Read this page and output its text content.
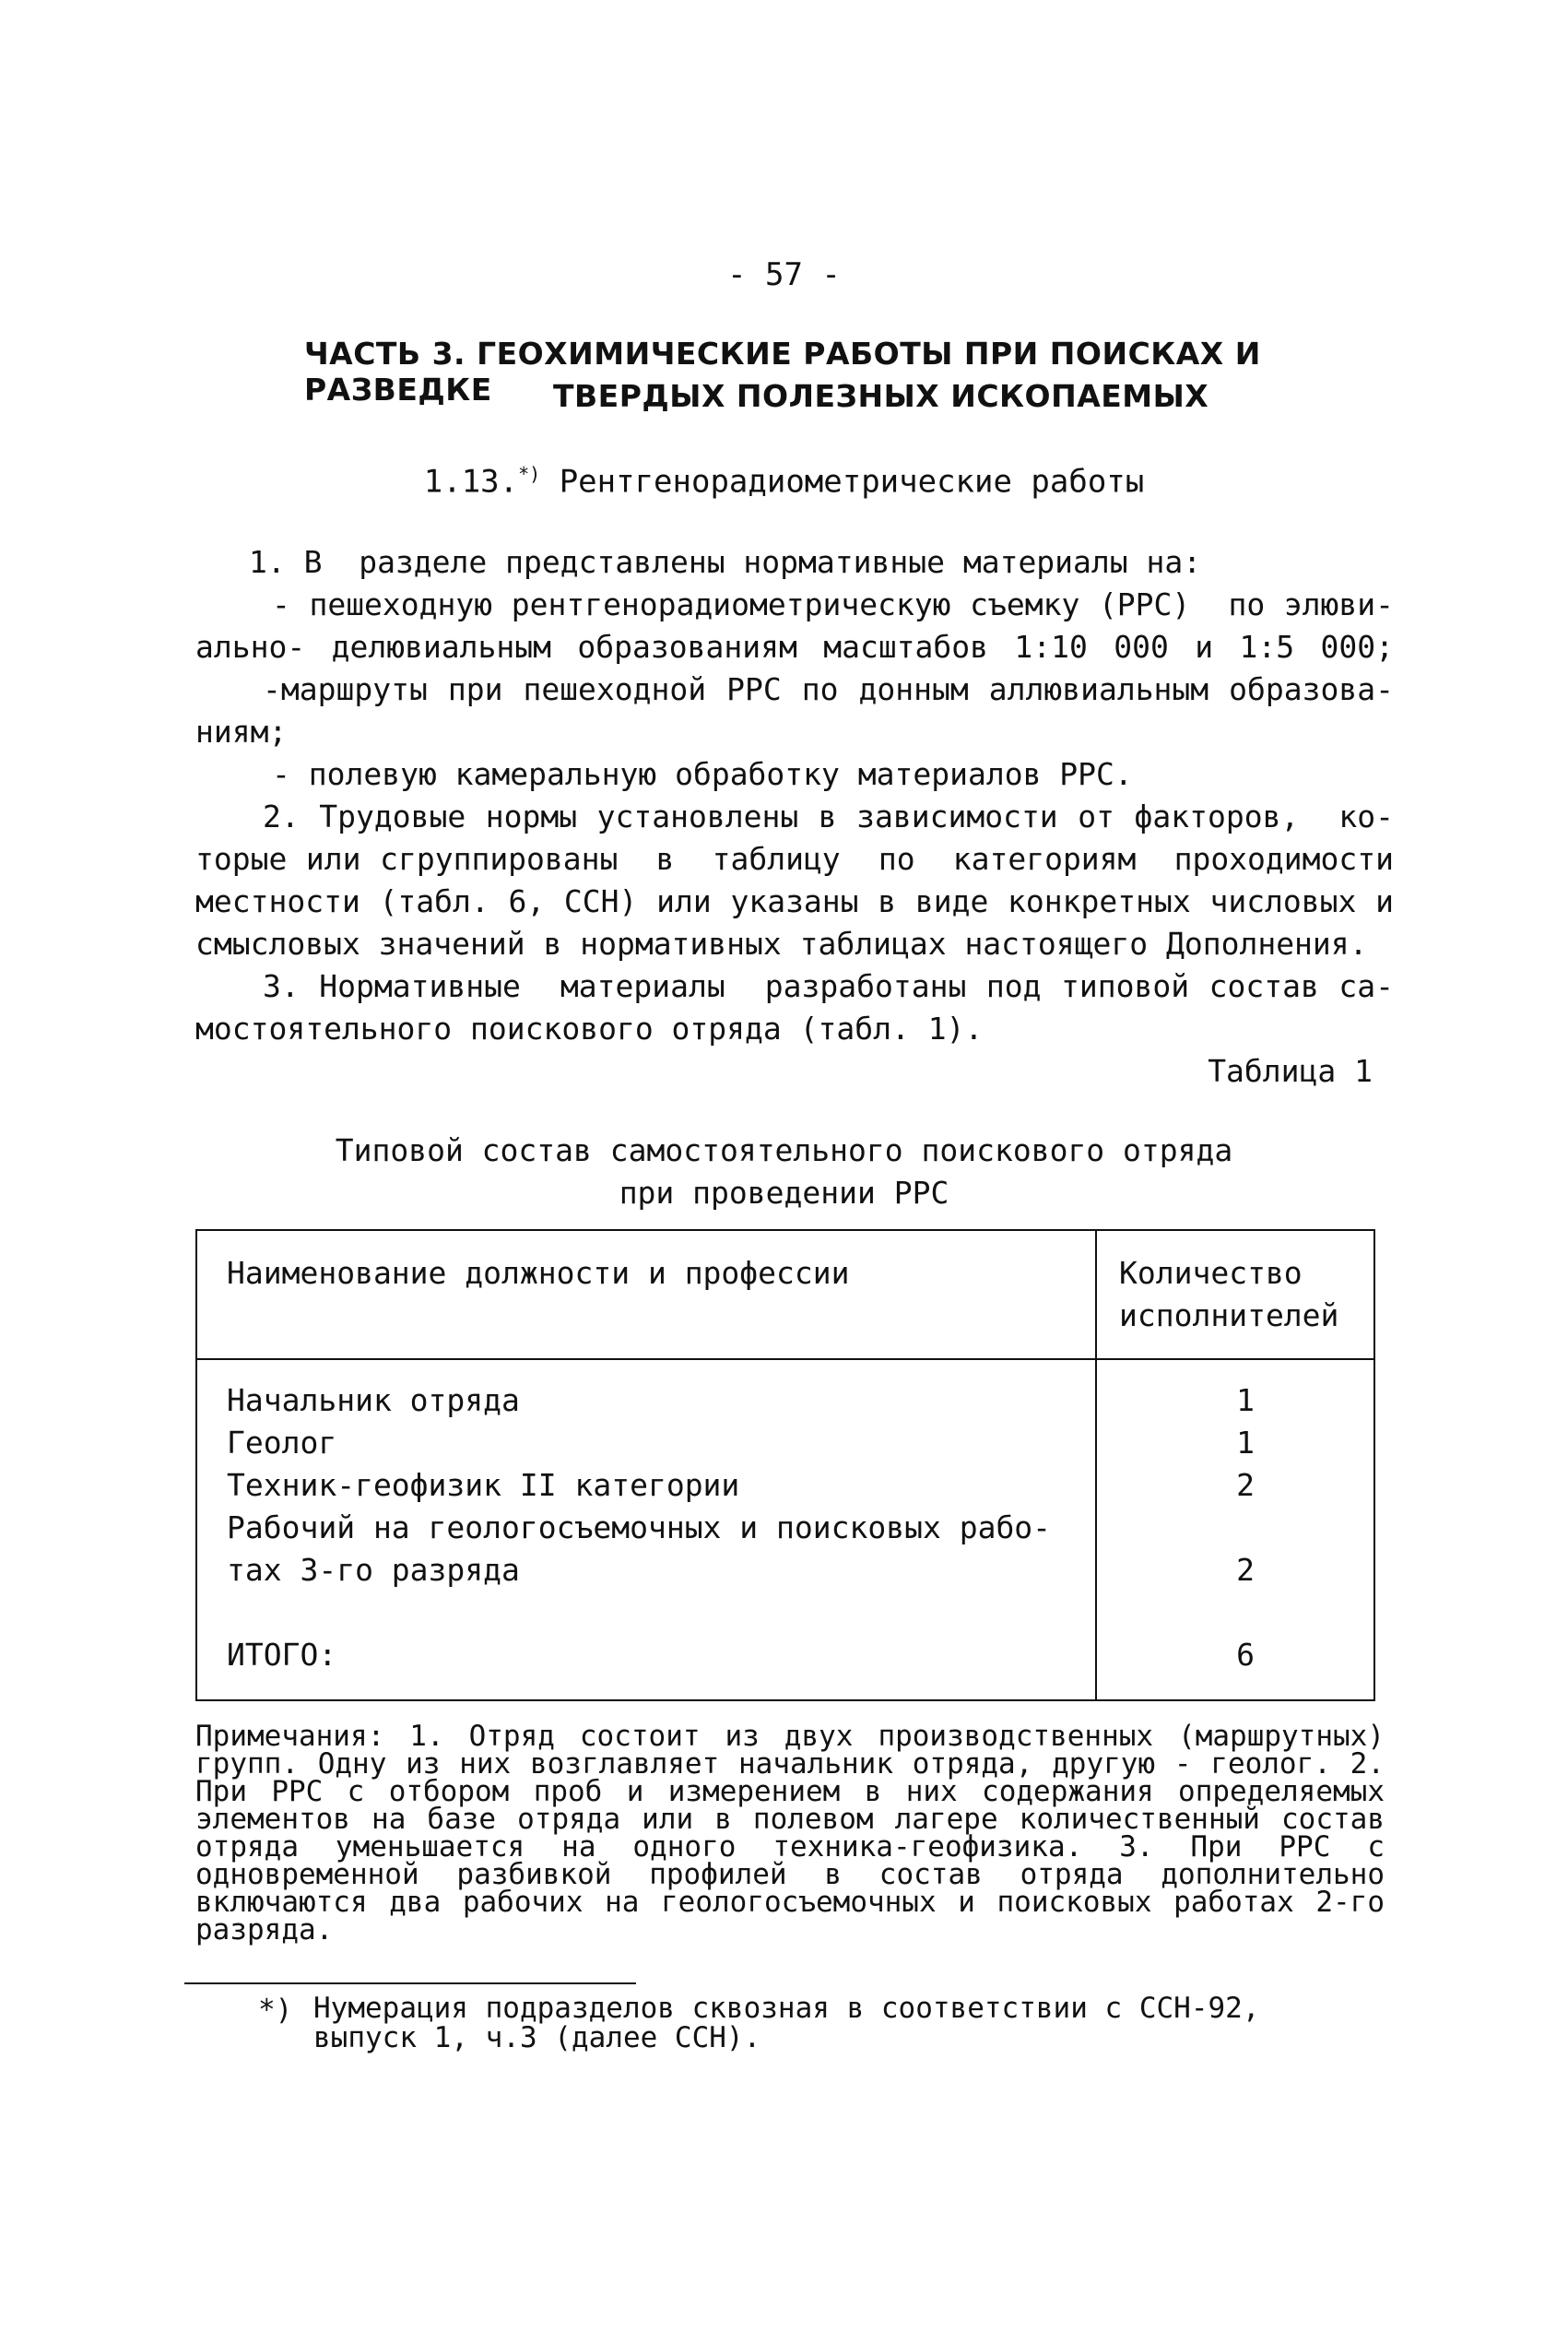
- 57 -
ЧАСТЬ 3. ГЕОХИМИЧЕСКИЕ РАБОТЫ ПРИ ПОИСКАХ И РАЗВЕДКЕ	ТВЕРДЫХ ПОЛЕЗНЫХ ИСКОПАЕМЫХ
1.13.*) Рентгенорадиометрические работы
1. В  разделе представлены нормативные материалы на:
- пешеходную рентгенорадиометрическую съемку (РРС)  по элюви-
ально- делювиальным образованиям масштабов 1:10 000 и 1:5 000;
-маршруты при пешеходной РРС по донным аллювиальным образова-
ниям;
- полевую камеральную обработку материалов РРС.
2. Трудовые нормы установлены в зависимости от факторов,  ко-
торые или сгруппированы  в  таблицу  по  категориям  проходимости
местности (табл. 6, ССН) или указаны в виде конкретных числовых и
смысловых значений в нормативных таблицах настоящего Дополнения.
3. Нормативные  материалы  разработаны под типовой состав са-
мостоятельного поискового отряда (табл. 1).
Таблица 1
Типовой состав самостоятельного поискового отряда
при проведении РРС
Наименование должности и профессии	Количество
исполнителей
Начальник отряда	1
Геолог	1
Техник-геофизик II категории	2
Рабочий на геологосъемочных и поисковых рабо-
тах 3-го разряда	2
ИТОГО:	6
Примечания: 1. Отряд состоит из двух производственных (маршрутных) групп. Одну из них возглавляет начальник отряда, другую - геолог. 2. При РРС с отбором проб и измерением в них содержания определяемых элементов на базе отряда или в полевом лагере количественный состав отряда уменьшается на одного техника-геофизика. 3. При РРС с одновременной разбивкой профилей в состав отряда дополнительно включаются два рабочих на геологосъемочных и поисковых работах 2-го разряда.
*) Нумерация подразделов сквозная в соответствии с ССН-92,
выпуск 1, ч.3 (далее ССН).
